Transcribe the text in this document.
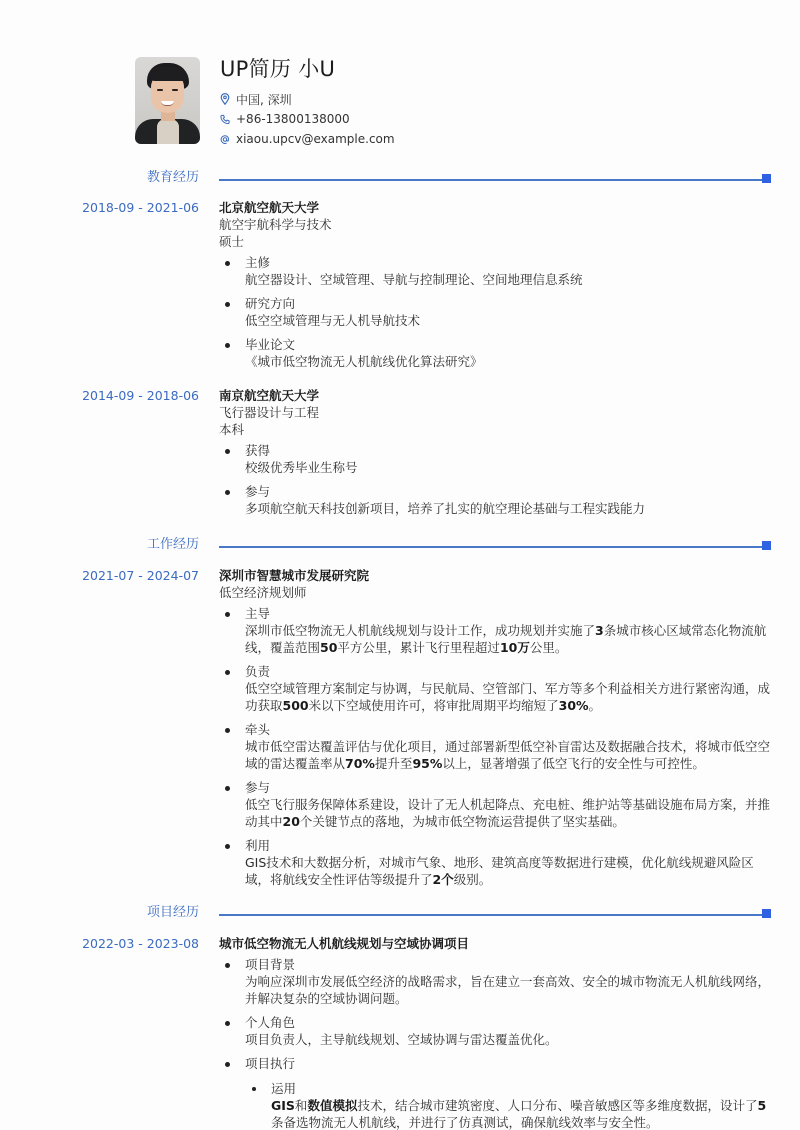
UP简历 小U
中国, 深圳
+86-13800138000
xiaou.upcv@example.com
教育经历
2018-09 - 2021-06 北京航空航天大学
航空宇航科学与技术
硕士
主修
航空器设计、空域管理、导航与控制理论、空间地理信息系统
研究方向
低空空域管理与无人机导航技术
毕业论文
《城市低空物流无人机航线优化算法研究》
2014-09 - 2018-06 南京航空航天大学
飞行器设计与工程
本科
获得
校级优秀毕业生称号
参与
多项航空航天科技创新项目，培养了扎实的航空理论基础与工程实践能力
工作经历
2021-07 - 2024-07 深圳市智慧城市发展研究院
低空经济规划师
主导
深圳市低空物流无人机航线规划与设计工作，成功规划并实施了3条城市核心区域常态化物流航线，覆盖范围50平方公里，累计飞行里程超过10万公里。
负责
低空空域管理方案制定与协调，与民航局、空管部门、军方等多个利益相关方进行紧密沟通，成功获取500米以下空域使用许可，将审批周期平均缩短了30%。
牵头
城市低空雷达覆盖评估与优化项目，通过部署新型低空补盲雷达及数据融合技术，将城市低空空域的雷达覆盖率从70%提升至95%以上，显著增强了低空飞行的安全性与可控性。
参与
低空飞行服务保障体系建设，设计了无人机起降点、充电桩、维护站等基础设施布局方案，并推动其中20个关键节点的落地，为城市低空物流运营提供了坚实基础。
利用
GIS技术和大数据分析，对城市气象、地形、建筑高度等数据进行建模，优化航线规避风险区域，将航线安全性评估等级提升了2个级别。
项目经历
2022-03 - 2023-08 城市低空物流无人机航线规划与空域协调项目
项目背景
为响应深圳市发展低空经济的战略需求，旨在建立一套高效、安全的城市物流无人机航线网络，并解决复杂的空域协调问题。
个人角色
项目负责人，主导航线规划、空域协调与雷达覆盖优化。
项目执行
运用
GIS和数值模拟技术，结合城市建筑密度、人口分布、噪音敏感区等多维度数据，设计了5条备选物流无人机航线，并进行了仿真测试，确保航线效率与安全性。
